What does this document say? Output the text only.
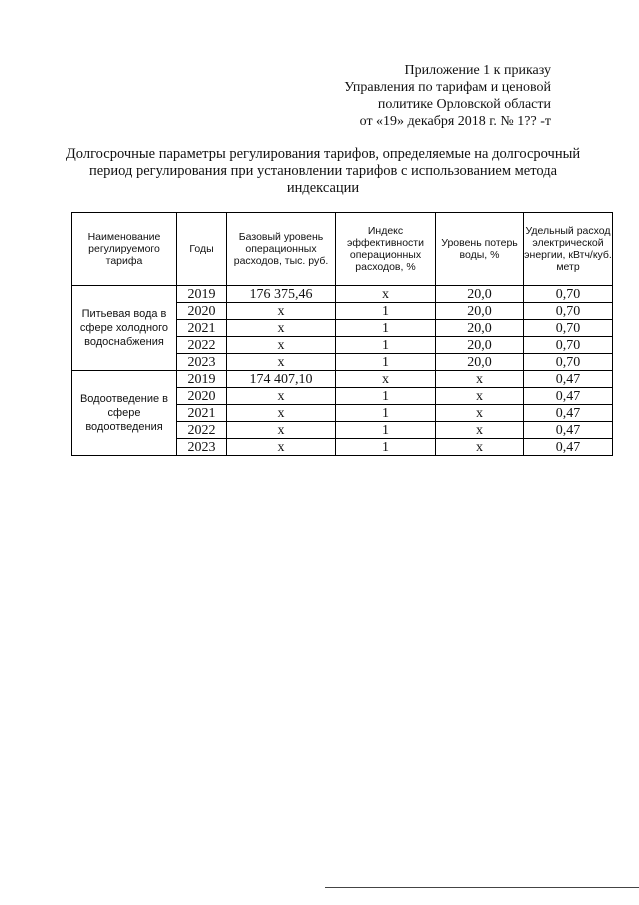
Приложение 1 к приказу
Управления по тарифам и ценовой
политике Орловской области
от «19» декабря 2018 г. № 1?? -т
Долгосрочные параметры регулирования тарифов, определяемые на долгосрочный период регулирования при установлении тарифов с использованием метода индексации
Наименование регулируемого тарифа	Годы	Базовый уровень операционных расходов, тыс. руб.	Индекс эффективности операционных расходов, %	Уровень потерь воды, %	Удельный расход электрической энергии, кВтч/куб. метр
Питьевая вода в сфере холодного водоснабжения	2019	176 375,46	х	20,0	0,70
	2020	х	1	20,0	0,70
	2021	х	1	20,0	0,70
	2022	х	1	20,0	0,70
	2023	х	1	20,0	0,70
Водоотведение в сфере водоотведения	2019	174 407,10	х	х	0,47
	2020	х	1	х	0,47
	2021	х	1	х	0,47
	2022	х	1	х	0,47
	2023	х	1	х	0,47
